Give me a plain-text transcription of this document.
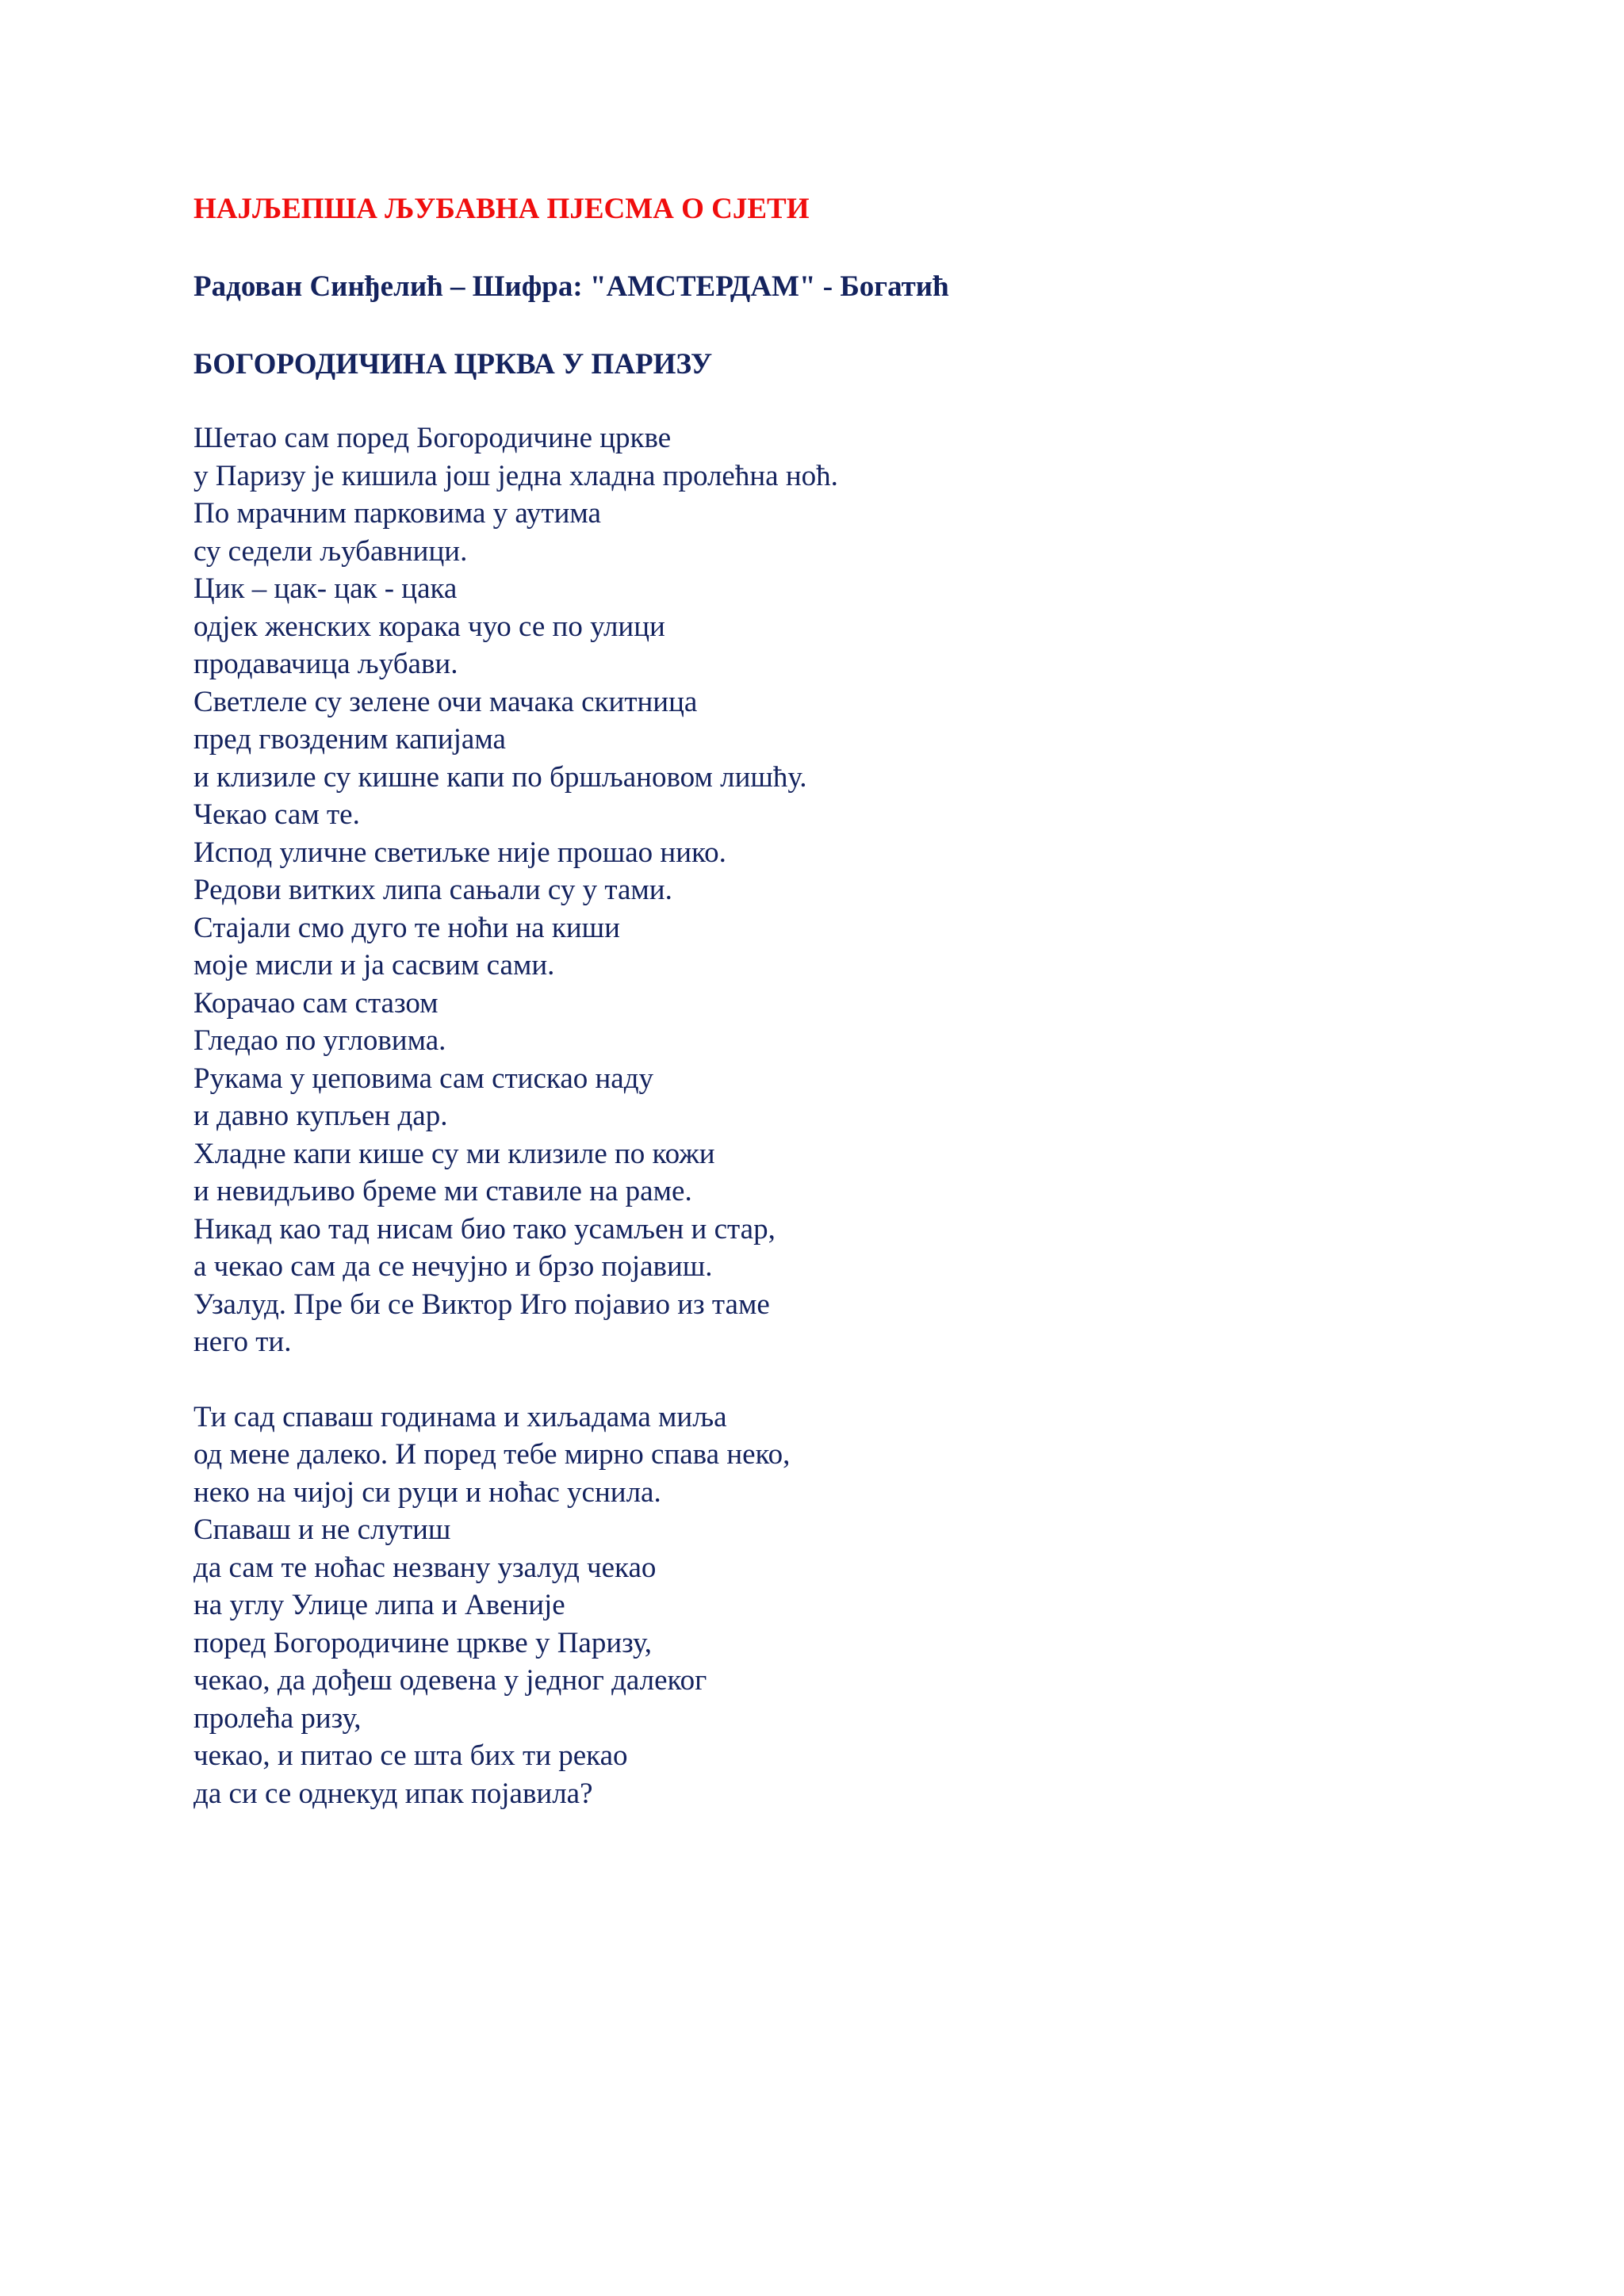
НАЈЉЕПША ЉУБАВНА ПЈЕСМА О СЈЕТИ
Радован Синђелић – Шифра: "АМСТЕРДАМ" - Богатић
БОГОРОДИЧИНА ЦРКВА У ПАРИЗУ
Шетао сам поред Богородичине цркве
у Паризу је кишила још једна хладна пролећна ноћ.
По мрачним парковима у аутима
су седели љубавници.
Цик – цак- цак - цака
одјек женских корака чуо се по улици
продавачица љубави.
Светлеле су зелене очи мачака скитница
пред гвозденим капијама
и клизиле су кишне капи по бршљановом лишћу.
Чекао сам те.
Испод уличне светиљке није прошао нико.
Редови витких липа сањали су у тами.
Стајали смо дуго те ноћи на киши
моје мисли и ја сасвим сами.
Корачао сам стазом
Гледао по угловима.
Рукама у џеповима сам стискао наду
и давно купљен дар.
Хладне капи кише су ми клизиле по кожи
и невидљиво бреме ми ставиле на раме.
Никад као тад нисам био тако усамљен и стар,
а чекао сам да се нечујно и брзо појавиш.
Узалуд. Пре би се Виктор Иго појавио из таме
него ти.
Ти сад спаваш годинама и хиљадама миља
од мене далеко. И поред тебе мирно спава неко,
неко на чијој си руци и ноћас уснила.
Спаваш и не слутиш
да сам те ноћас незвану узалуд чекао
на углу Улице липа и Авеније
поред Богородичине цркве у Паризу,
чекао, да дођеш одевена у једног далеког
пролећа ризу,
чекао, и питао се шта бих ти рекао
да си се однекуд ипак појавила?
